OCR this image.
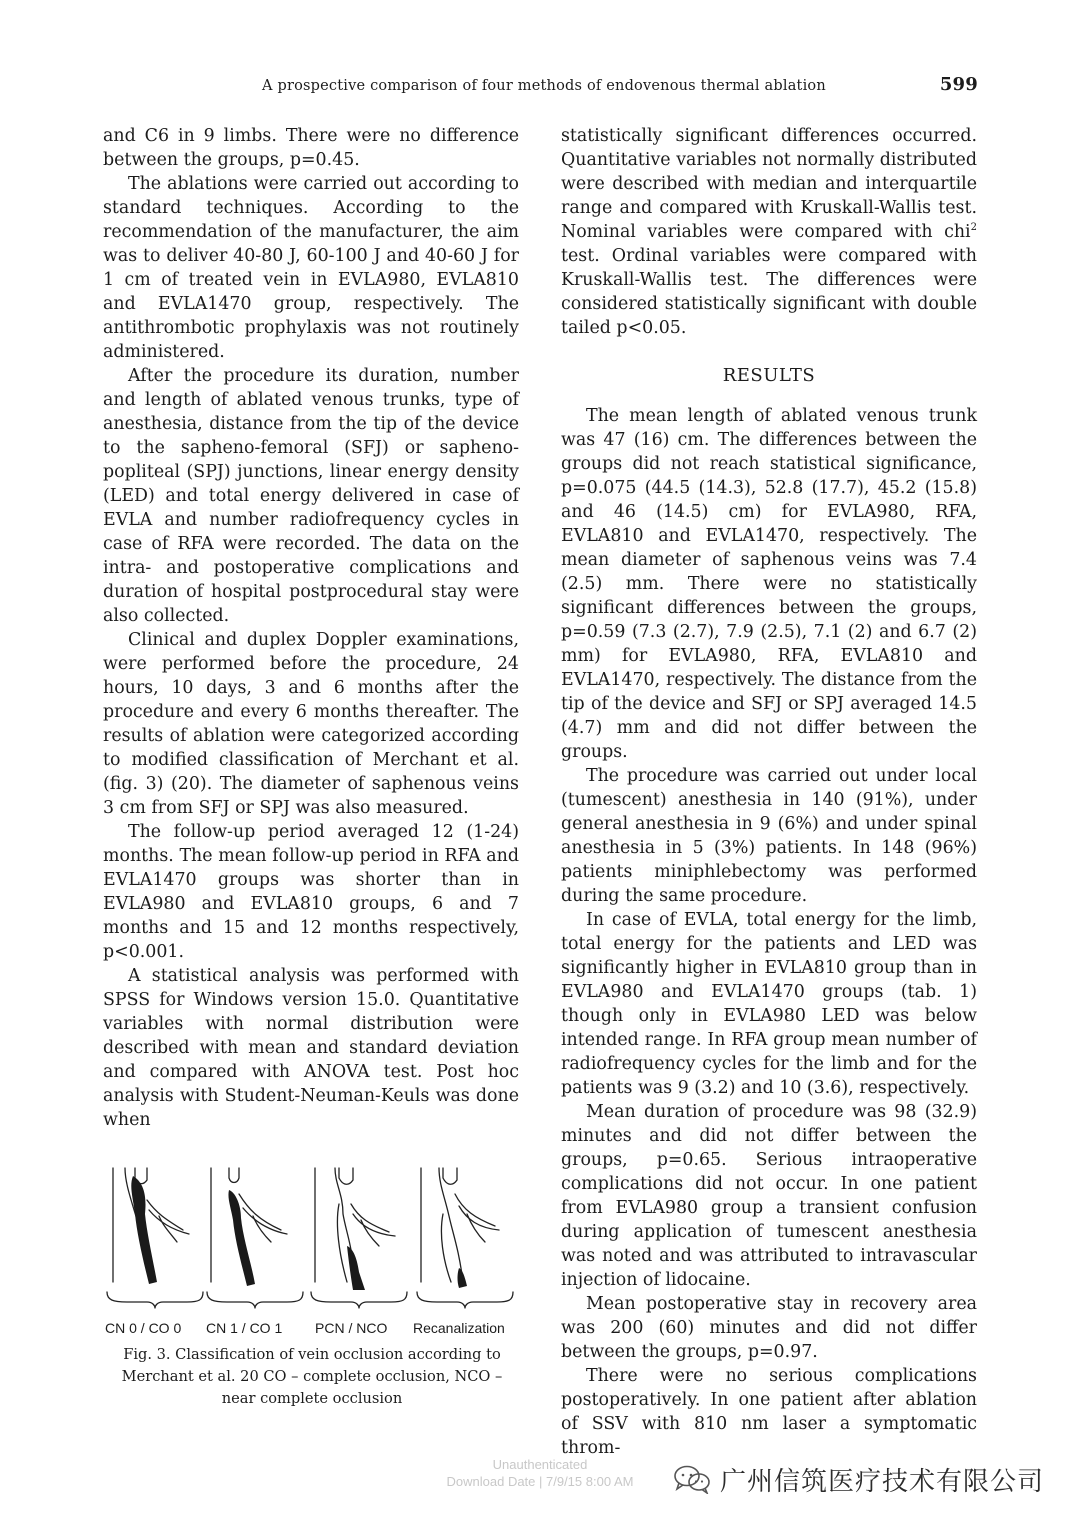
A prospective comparison of four methods of endovenous thermal ablation	599

and C6 in 9 limbs. There were no difference between the groups, p=0.45.

The ablations were carried out according to standard techniques. According to the recommendation of the manufacturer, the aim was to deliver 40-80 J, 60-100 J and 40-60 J for 1 cm of treated vein in EVLA980, EVLA810 and EVLA1470 group, respectively. The antithrombotic prophylaxis was not routinely administered.

After the procedure its duration, number and length of ablated venous trunks, type of anesthesia, distance from the tip of the device to the sapheno-femoral (SFJ) or sapheno-popliteal (SPJ) junctions, linear energy density (LED) and total energy delivered in case of EVLA and number radiofrequency cycles in case of RFA were recorded. The data on the intra- and postoperative complications and duration of hospital postprocedural stay were also collected.

Clinical and duplex Doppler examinations, were performed before the procedure, 24 hours, 10 days, 3 and 6 months after the procedure and every 6 months thereafter. The results of ablation were categorized according to modified classification of Merchant et al. (fig. 3) (20). The diameter of saphenous veins 3 cm from SFJ or SPJ was also measured.

The follow-up period averaged 12 (1-24) months. The mean follow-up period in RFA and EVLA1470 groups was shorter than in EVLA980 and EVLA810 groups, 6 and 7 months and 15 and 12 months respectively, p<0.001.

A statistical analysis was performed with SPSS for Windows version 15.0. Quantitative variables with normal distribution were described with mean and standard deviation and compared with ANOVA test. Post hoc analysis with Student-Neuman-Keuls was done when

statistically significant differences occurred. Quantitative variables not normally distributed were described with median and interquartile range and compared with Kruskall-Wallis test. Nominal variables were compared with chi$^2$ test. Ordinal variables were compared with Kruskall-Wallis test. The differences were considered statistically significant with double tailed p<0.05.

RESULTS

The mean length of ablated venous trunk was 47 (16) cm. The differences between the groups did not reach statistical significance, p=0.075 (44.5 (14.3), 52.8 (17.7), 45.2 (15.8) and 46 (14.5) cm) for EVLA980, RFA, EVLA810 and EVLA1470, respectively. The mean diameter of saphenous veins was 7.4 (2.5) mm. There were no statistically significant differences between the groups, p=0.59 (7.3 (2.7), 7.9 (2.5), 7.1 (2) and 6.7 (2) mm) for EVLA980, RFA, EVLA810 and EVLA1470, respectively. The distance from the tip of the device and SFJ or SPJ averaged 14.5 (4.7) mm and did not differ between the groups.

The procedure was carried out under local (tumescent) anesthesia in 140 (91%), under general anesthesia in 9 (6%) and under spinal anesthesia in 5 (3%) patients. In 148 (96%) patients miniphlebectomy was performed during the same procedure.

In case of EVLA, total energy for the limb, total energy for the patients and LED was significantly higher in EVLA810 group than in EVLA980 and EVLA1470 groups (tab. 1) though only in EVLA980 LED was below intended range. In RFA group mean number of radiofrequency cycles for the limb and for the patients was 9 (3.2) and 10 (3.6), respectively.

Mean duration of procedure was 98 (32.9) minutes and did not differ between the groups, p=0.65. Serious intraoperative complications did not occur. In one patient from EVLA980 group a transient confusion during application of tumescent anesthesia was noted and was attributed to intravascular injection of lidocaine.

Mean postoperative stay in recovery area was 200 (60) minutes and did not differ between the groups, p=0.97.

There were no serious complications postoperatively. In one patient after ablation of SSV with 810 nm laser a symptomatic throm-

CN 0 / CO 0 CN 1 / CO 1 PCN / NCO Recanalization
Fig. 3. Classification of vein occlusion according to
Merchant et al. 20 CO – complete occlusion, NCO –
near complete occlusion
Unauthenticated
Download Date | 7/9/15 8:00 AM	广州信筑医疗技术有限公司
